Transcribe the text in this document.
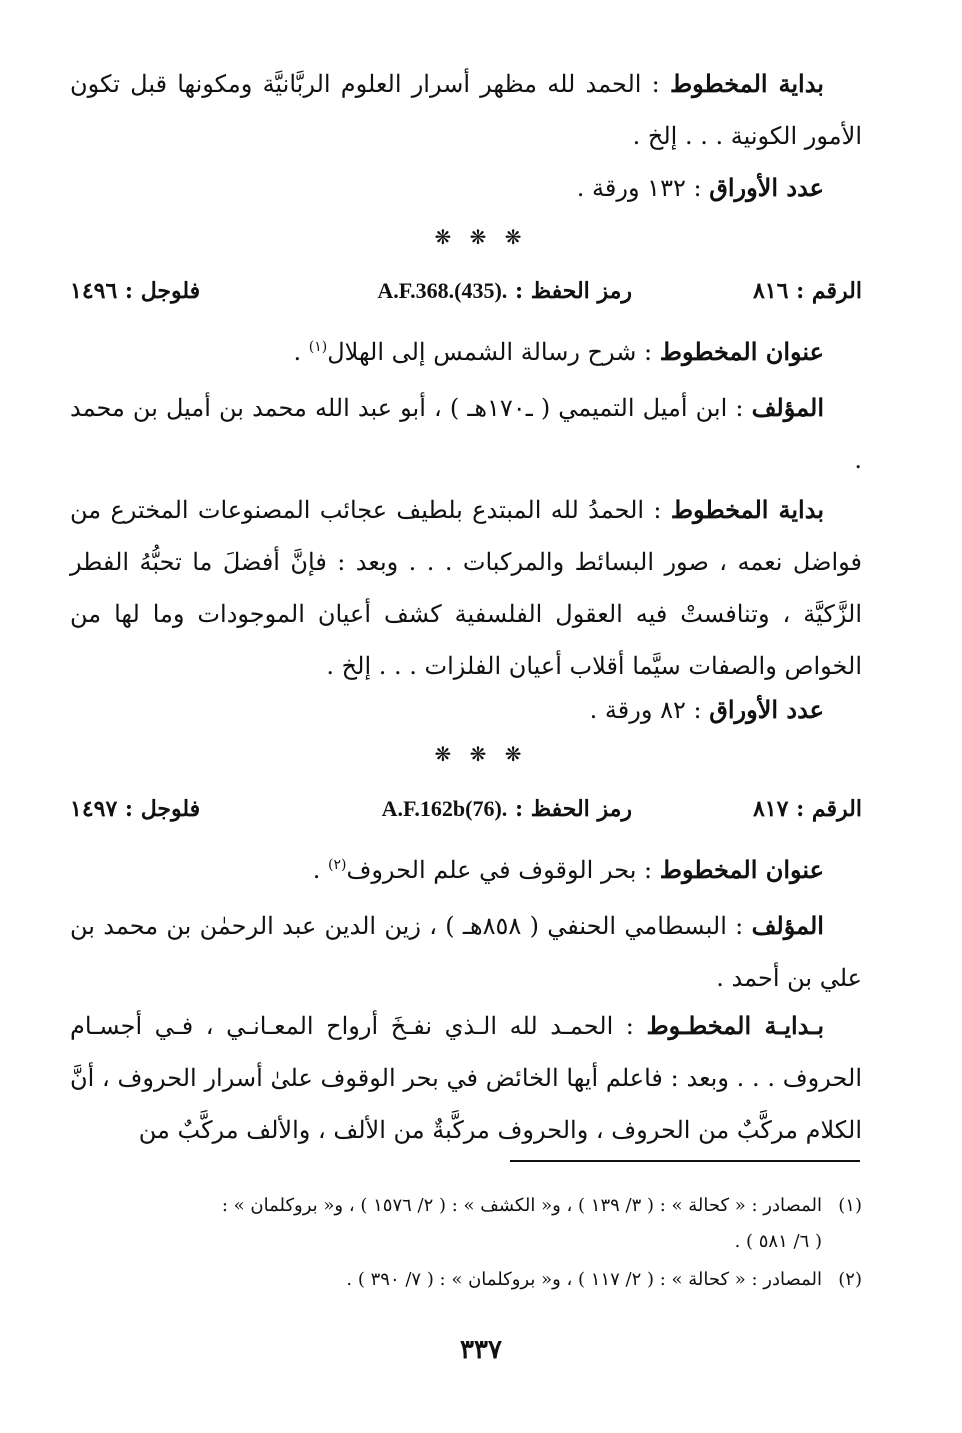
بداية المخطوط : الحمد لله مظهر أسرار العلوم الربَّانيَّة ومكونها قبل تكون الأمور الكونية . . . إلخ .

عدد الأوراق : ١٣٢ ورقة .

❋ ❋ ❋
الرقم : ٨١٦
رمز الحفظ : A.F.368.(435).
فلوجل : ١٤٩٦

عنوان المخطوط : شرح رسالة الشمس إلى الهلال$^{(١)}$ .

المؤلف : ابن أميل التميمي ( ـ١٧٠هـ ) ، أبو عبد الله محمد بن أميل بن محمد .

بداية المخطوط : الحمدُ لله المبتدع بلطيف عجائب المصنوعات المخترع من فواضل نعمه ، صور البسائط والمركبات . . . وبعد : فإنَّ أفضلَ ما تحبُّهُ الفطر الزَّكيَّة ، وتنافستْ فيه العقول الفلسفية كشف أعيان الموجودات وما لها من الخواص والصفات سيَّما أقلاب أعيان الفلزات . . . إلخ .

عدد الأوراق : ٨٢ ورقة .

❋ ❋ ❋
الرقم : ٨١٧
رمز الحفظ : A.F.162b(76).
فلوجل : ١٤٩٧

عنوان المخطوط : بحر الوقوف في علم الحروف$^{(٢)}$ .

المؤلف : البسطامي الحنفي ( ٨٥٨هـ ) ، زين الدين عبد الرحمٰن بن محمد بن علي بن أحمد .

بـدايـة المخطـوط : الحمـد لله الـذي نفـخَ أرواح المعـانـي ، فـي أجسـام الحروف . . . وبعد : فاعلم أيها الخائض في بحر الوقوف علىٰ أسرار الحروف ، أنَّ الكلام مركَّبٌ من الحروف ، والحروف مركَّبةٌ من الألف ، والألف مركَّبٌ من

(١)المصادر : « كحالة » : ( ٣/ ١٣٩ ) ، و« الكشف » : ( ٢/ ١٥٧٦ ) ، و« بروكلمان » :

( ٦/ ٥٨١ ) .

(٢)المصادر : « كحالة » : ( ٢/ ١١٧ ) ، و« بروكلمان » : ( ٧/ ٣٩٠ ) .

٣٣٧
